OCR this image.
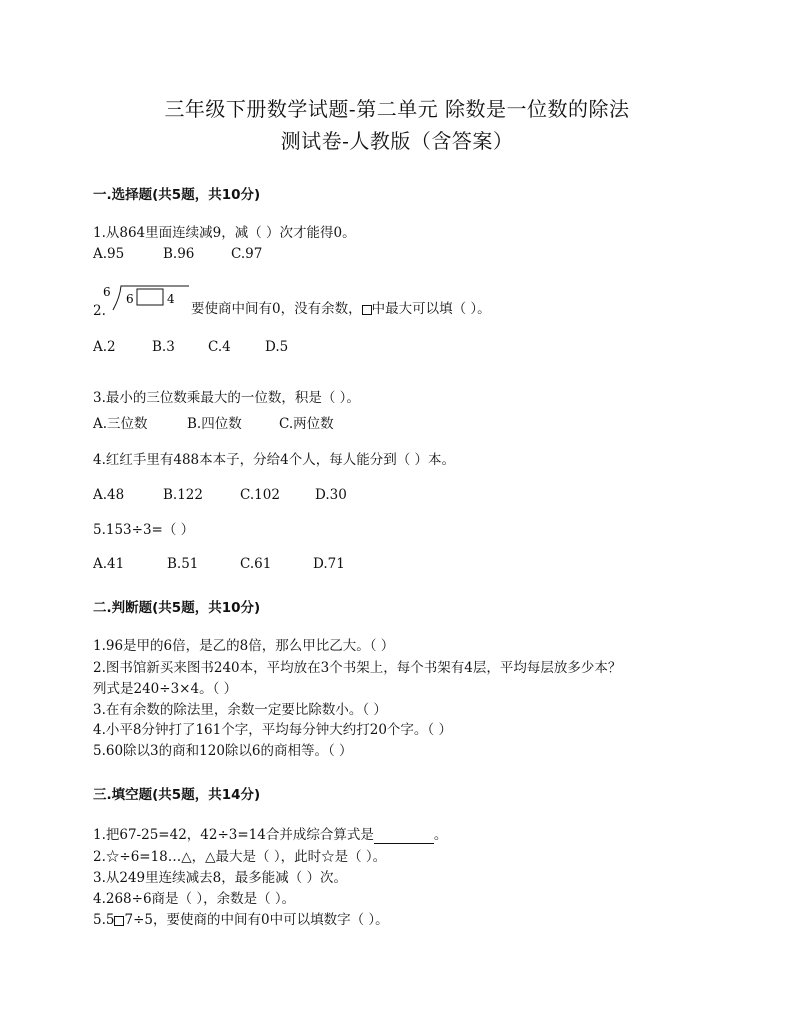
三年级下册数学试题-第二单元 除数是一位数的除法
测试卷-人教版（含答案）
一.选择题(共5题，共10分)
1.从864里面连续减9，减（ ）次才能得0。
A.95	B.96	C.97
2.
6 6	4
要使商中间有0，没有余数， 中最大可以填（ ）。
A.2	B.3 C.4	D.5
3.最小的三位数乘最大的一位数，积是（ ）。
A.三位数	B.四位数	C.两位数
4.红红手里有488本本子，分给4个人，每人能分到（ ）本。
A.48	B.122	C.102	D.30
5.153÷3=（ ）
A.41	B.51	C.61	D.71
二.判断题(共5题，共10分)
1.96是甲的6倍，是乙的8倍，那么甲比乙大。（ ）
2.图书馆新买来图书240本，平均放在3个书架上，每个书架有4层，平均每层放多少本？
列式是240÷3×4。（ ）
3.在有余数的除法里，余数一定要比除数小。（ ）
4.小平8分钟打了161个字，平均每分钟大约打20个字。（ ）
5.60除以3的商和120除以6的商相等。（ ）
三.填空题(共5题，共14分)
1.把67-25=42，42÷3=14合并成综合算式是	。
2.☆÷6=18…△，△最大是（ ），此时☆是（ ）。
3.从249里连续减去8，最多能减（ ）次。
4.268÷6商是（ ），余数是（ ）。
5.5 7÷5，要使商的中间有0中可以填数字（ ）。
